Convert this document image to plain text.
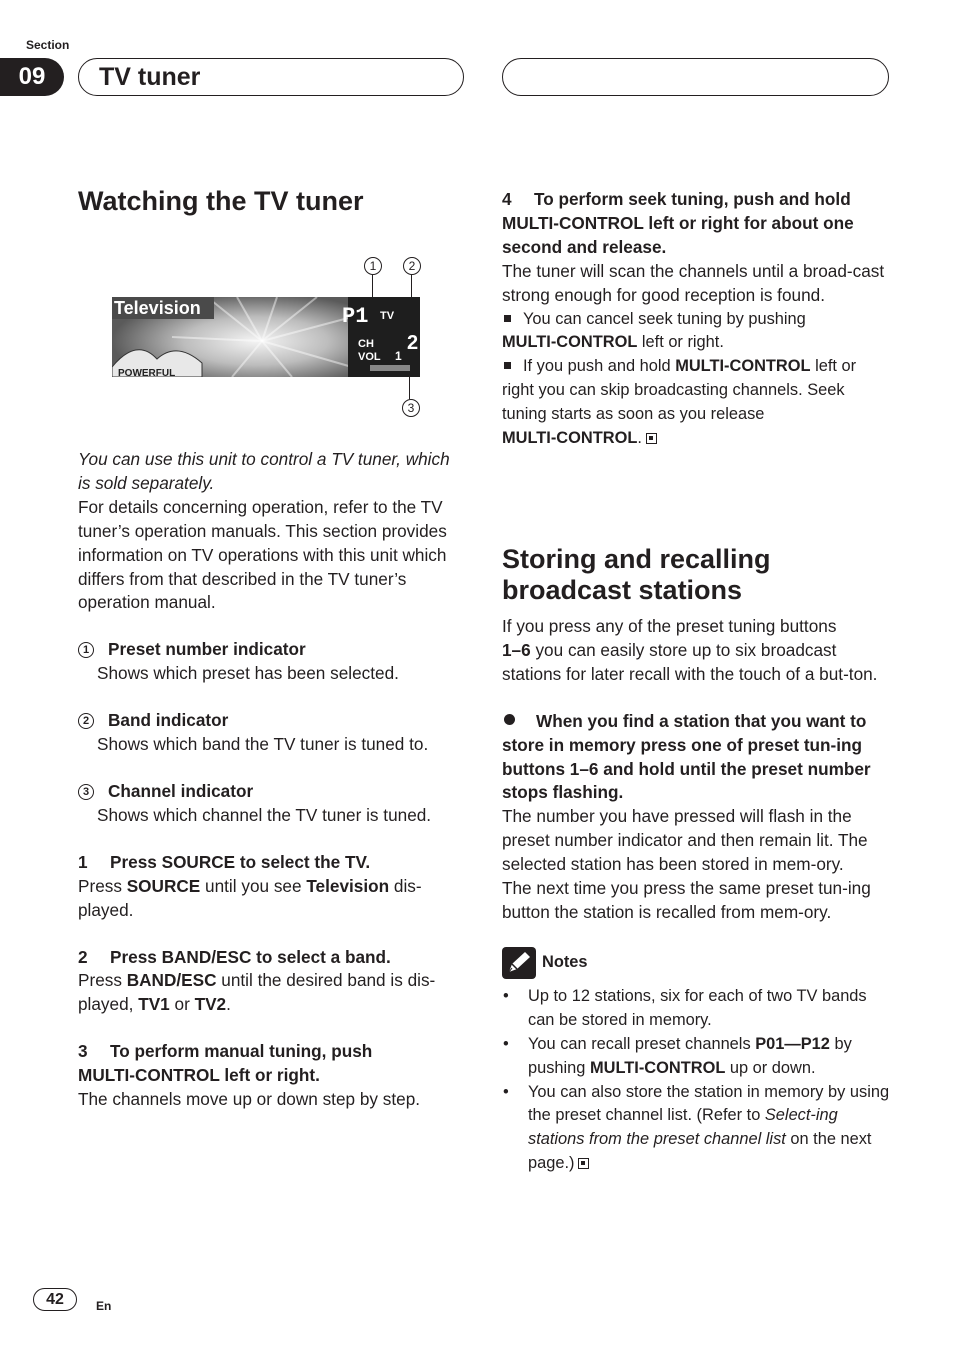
Section
09	TV tuner
Watching the TV tuner
1	2
Television	P1 TV
CH
VOL 1
2
POWERFUL
3

You can use this unit to control a TV tuner, which is sold separately.

For details concerning operation, refer to the TV tuner’s operation manuals. This section provides information on TV operations with this unit which differs from that described in the TV tuner’s operation manual.

1 Preset number indicator

Shows which preset has been selected.

2 Band indicator

Shows which band the TV tuner is tuned to.

3 Channel indicator

Shows which channel the TV tuner is tuned.

1 Press SOURCE to select the TV.

Press SOURCE until you see Television dis-played.

2 Press BAND/ESC to select a band.

Press BAND/ESC until the desired band is dis-played, TV1 or TV2.

3 To perform manual tuning, push

MULTI-CONTROL left or right.

The channels move up or down step by step.

4 To perform seek tuning, push and hold

MULTI-CONTROL left or right for about one second and release.

The tuner will scan the channels until a broad-cast strong enough for good reception is found.

You can cancel seek tuning by pushing

MULTI-CONTROL left or right.

If you push and hold MULTI-CONTROL left or right you can skip broadcasting channels. Seek tuning starts as soon as you release

MULTI-CONTROL.

Storing and recalling broadcast stations

If you press any of the preset tuning buttons

1–6 you can easily store up to six broadcast stations for later recall with the touch of a but-ton.

When you find a station that you want to store in memory press one of preset tun-ing buttons 1–6 and hold until the preset number stops flashing.

The number you have pressed will flash in the preset number indicator and then remain lit. The selected station has been stored in mem-ory.

The next time you press the same preset tun-ing button the station is recalled from mem-ory.

Notes
• Up to 12 stations, six for each of two TV bands can be stored in memory.
• You can recall preset channels P01—P12 by pushing MULTI-CONTROL up or down.
• You can also store the station in memory by using the preset channel list. (Refer to Select-ing stations from the preset channel list on the next page.)
42	En
